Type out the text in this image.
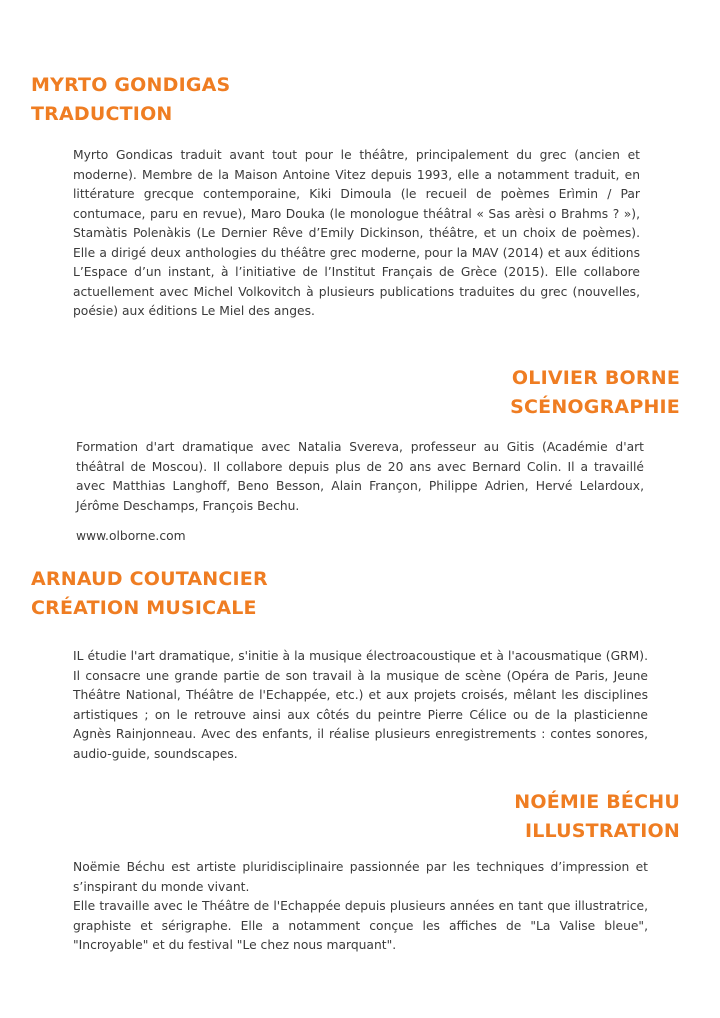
MYRTO GONDIGAS
TRADUCTION

Myrto Gondicas traduit avant tout pour le théâtre, principalement du grec (ancien et moderne). Membre de la Maison Antoine Vitez depuis 1993, elle a notamment traduit, en littérature grecque contemporaine, Kiki Dimoula (le recueil de poèmes Erìmin / Par contumace, paru en revue), Maro Douka (le monologue théâtral « Sas arèsi o Brahms ? »), Stamàtis Polenàkis (Le Dernier Rêve d’Emily Dickinson, théâtre, et un choix de poèmes). Elle a dirigé deux anthologies du théâtre grec moderne, pour la MAV (2014) et aux éditions L’Espace d’un instant, à l’initiative de l’Institut Français de Grèce (2015). Elle collabore actuellement avec Michel Volkovitch à plusieurs publications traduites du grec (nouvelles, poésie) aux éditions Le Miel des anges.

OLIVIER BORNE
SCÉNOGRAPHIE

Formation d'art dramatique avec Natalia Svereva, professeur au Gitis (Académie d'art théâtral de Moscou). Il collabore depuis plus de 20 ans avec Bernard Colin. Il a travaillé avec Matthias Langhoff, Beno Besson, Alain Françon, Philippe Adrien, Hervé Lelardoux, Jérôme Deschamps, François Bechu.

www.olborne.com

ARNAUD COUTANCIER
CRÉATION MUSICALE

IL étudie l'art dramatique, s'initie à la musique électroacoustique et à l'acousmatique (GRM). Il consacre une grande partie de son travail à la musique de scène (Opéra de Paris, Jeune Théâtre National, Théâtre de l'Echappée, etc.) et aux projets croisés, mêlant les disciplines artistiques ; on le retrouve ainsi aux côtés du peintre Pierre Célice ou de la plasticienne Agnès Rainjonneau. Avec des enfants, il réalise plusieurs enregistrements : contes sonores, audio-guide, soundscapes.

NOÉMIE BÉCHU
ILLUSTRATION

Noëmie Béchu est artiste pluridisciplinaire passionnée par les techniques d’impression et s’inspirant du monde vivant.

Elle travaille avec le Théâtre de l'Echappée depuis plusieurs années en tant que illustratrice, graphiste et sérigraphe. Elle a notamment conçue les affiches de "La Valise bleue", "Incroyable" et du festival "Le chez nous marquant".
